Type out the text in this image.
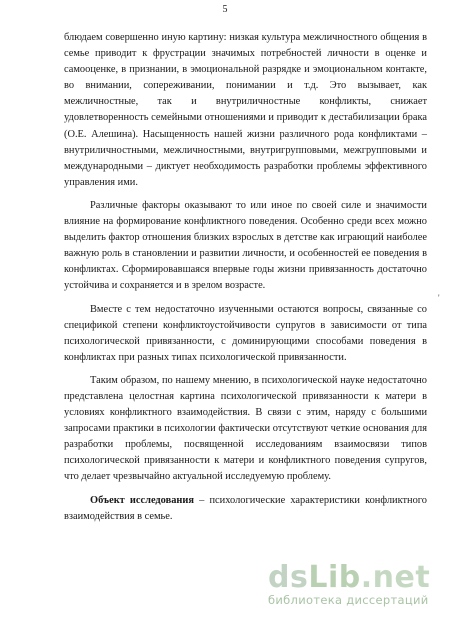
5

блюдаем совершенно иную картину: низкая культура межличностного общения в семье приводит к фрустрации значимых потребностей личности в оценке и самооценке, в признании, в эмоциональной разрядке и эмоциональном контакте, во внимании, сопереживании, понимании и т.д. Это вызывает, как межличностные, так и внутриличностные конфликты, снижает удовлетворенность семейными отношениями и приводит к дестабилизации брака (О.Е. Алешина). Насыщенность нашей жизни различного рода конфликтами – внутриличностными, межличностными, внутригрупповыми, межгрупповыми и международными – диктует необходимость разработки проблемы эффективного управления ими.

Различные факторы оказывают то или иное по своей силе и значимости влияние на формирование конфликтного поведения. Особенно среди всех можно выделить фактор отношения близких взрослых в детстве как играющий наиболее важную роль в становлении и развитии личности, и особенностей ее поведения в конфликтах. Сформировавшаяся впервые годы жизни привязанность достаточно устойчива и сохраняется и в зрелом возрасте.

Вместе с тем недостаточно изученными остаются вопросы, связанные со спецификой степени конфликтоустойчивости супругов в зависимости от типа психологической привязанности, с доминирующими способами поведения в конфликтах при разных типах психологической привязанности.

Таким образом, по нашему мнению, в психологической науке недостаточно представлена целостная картина психологической привязанности к матери в условиях конфликтного взаимодействия. В связи с этим, наряду с большими запросами практики в психологии фактически отсутствуют четкие основания для разработки проблемы, посвященной исследованиям взаимосвязи типов психологической привязанности к матери и конфликтного поведения супругов, что делает чрезвычайно актуальной исследуемую проблему.

Объект исследования – психологические характеристики конфликтного взаимодействия в семье.

'
dsLib.net
библиотека диссертаций
